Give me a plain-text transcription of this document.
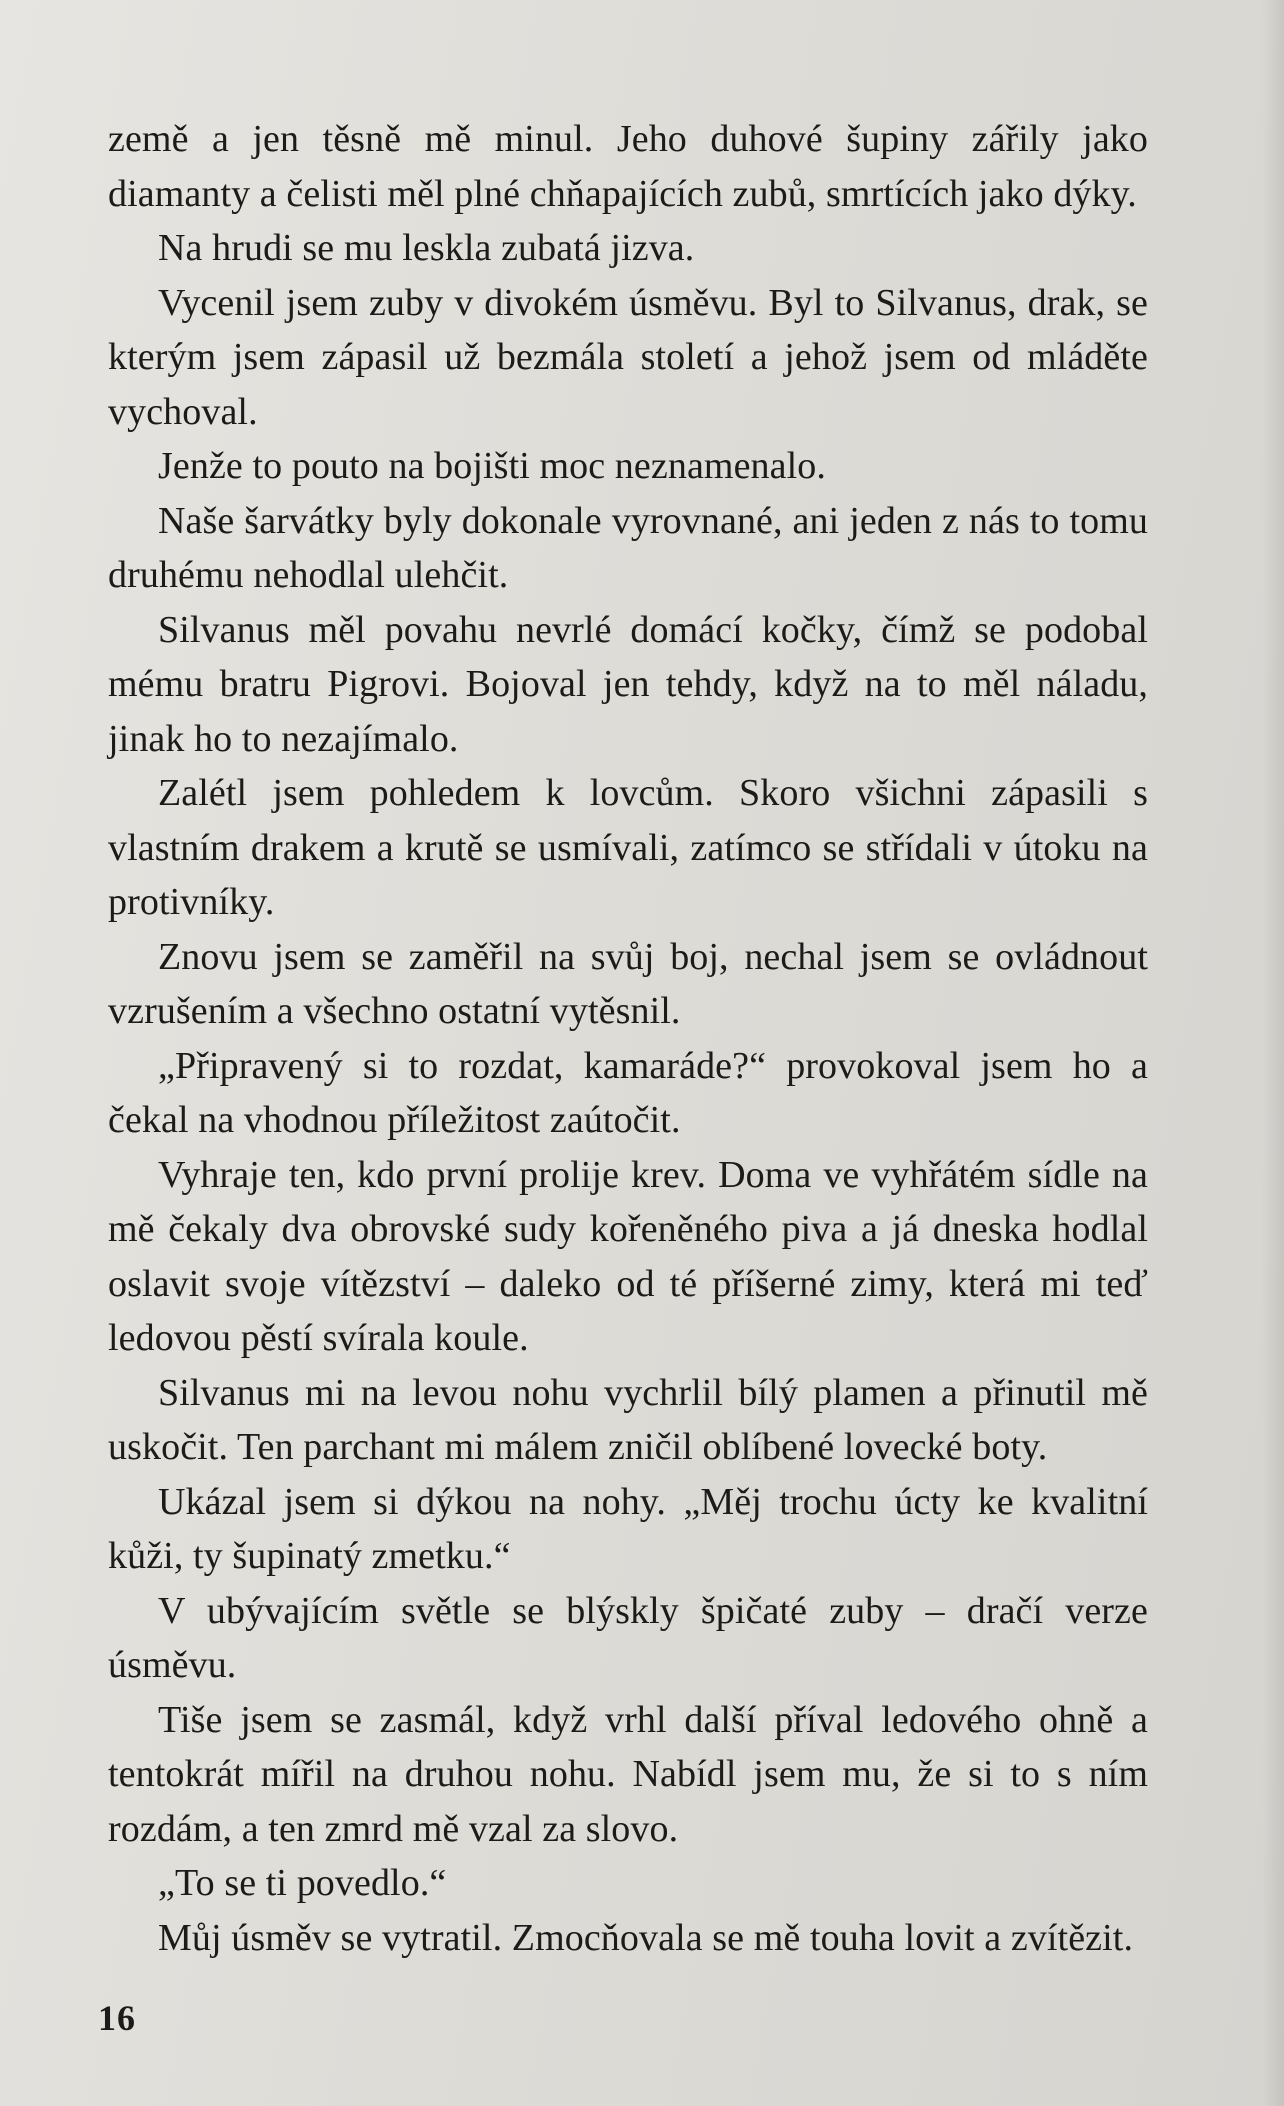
země a jen těsně mě minul. Jeho duhové šupiny zářily jako diamanty a čelisti měl plné chňapajících zubů, smrtících jako dýky.

Na hrudi se mu leskla zubatá jizva.

Vycenil jsem zuby v divokém úsměvu. Byl to Silvanus, drak, se kterým jsem zápasil už bezmála století a jehož jsem od mláděte vychoval.

Jenže to pouto na bojišti moc neznamenalo.

Naše šarvátky byly dokonale vyrovnané, ani jeden z nás to tomu druhému nehodlal ulehčit.

Silvanus měl povahu nevrlé domácí kočky, čímž se podobal mému bratru Pigrovi. Bojoval jen tehdy, když na to měl náladu, jinak ho to nezajímalo.

Zalétl jsem pohledem k lovcům. Skoro všichni zápasili s vlastním drakem a krutě se usmívali, zatímco se střídali v útoku na protivníky.

Znovu jsem se zaměřil na svůj boj, nechal jsem se ovládnout vzrušením a všechno ostatní vytěsnil.

„Připravený si to rozdat, kamaráde?“ provokoval jsem ho a čekal na vhodnou příležitost zaútočit.

Vyhraje ten, kdo první prolije krev. Doma ve vyhřátém sídle na mě čekaly dva obrovské sudy kořeněného piva a já dneska hodlal oslavit svoje vítězství – daleko od té příšerné zimy, která mi teď ledovou pěstí svírala koule.

Silvanus mi na levou nohu vychrlil bílý plamen a přinutil mě uskočit. Ten parchant mi málem zničil oblíbené lovecké boty.

Ukázal jsem si dýkou na nohy. „Měj trochu úcty ke kvalitní kůži, ty šupinatý zmetku.“

V ubývajícím světle se blýskly špičaté zuby – dračí verze úsměvu.

Tiše jsem se zasmál, když vrhl další příval ledového ohně a tentokrát mířil na druhou nohu. Nabídl jsem mu, že si to s ním rozdám, a ten zmrd mě vzal za slovo.

„To se ti povedlo.“

Můj úsměv se vytratil. Zmocňovala se mě touha lovit a zvítězit.

16
